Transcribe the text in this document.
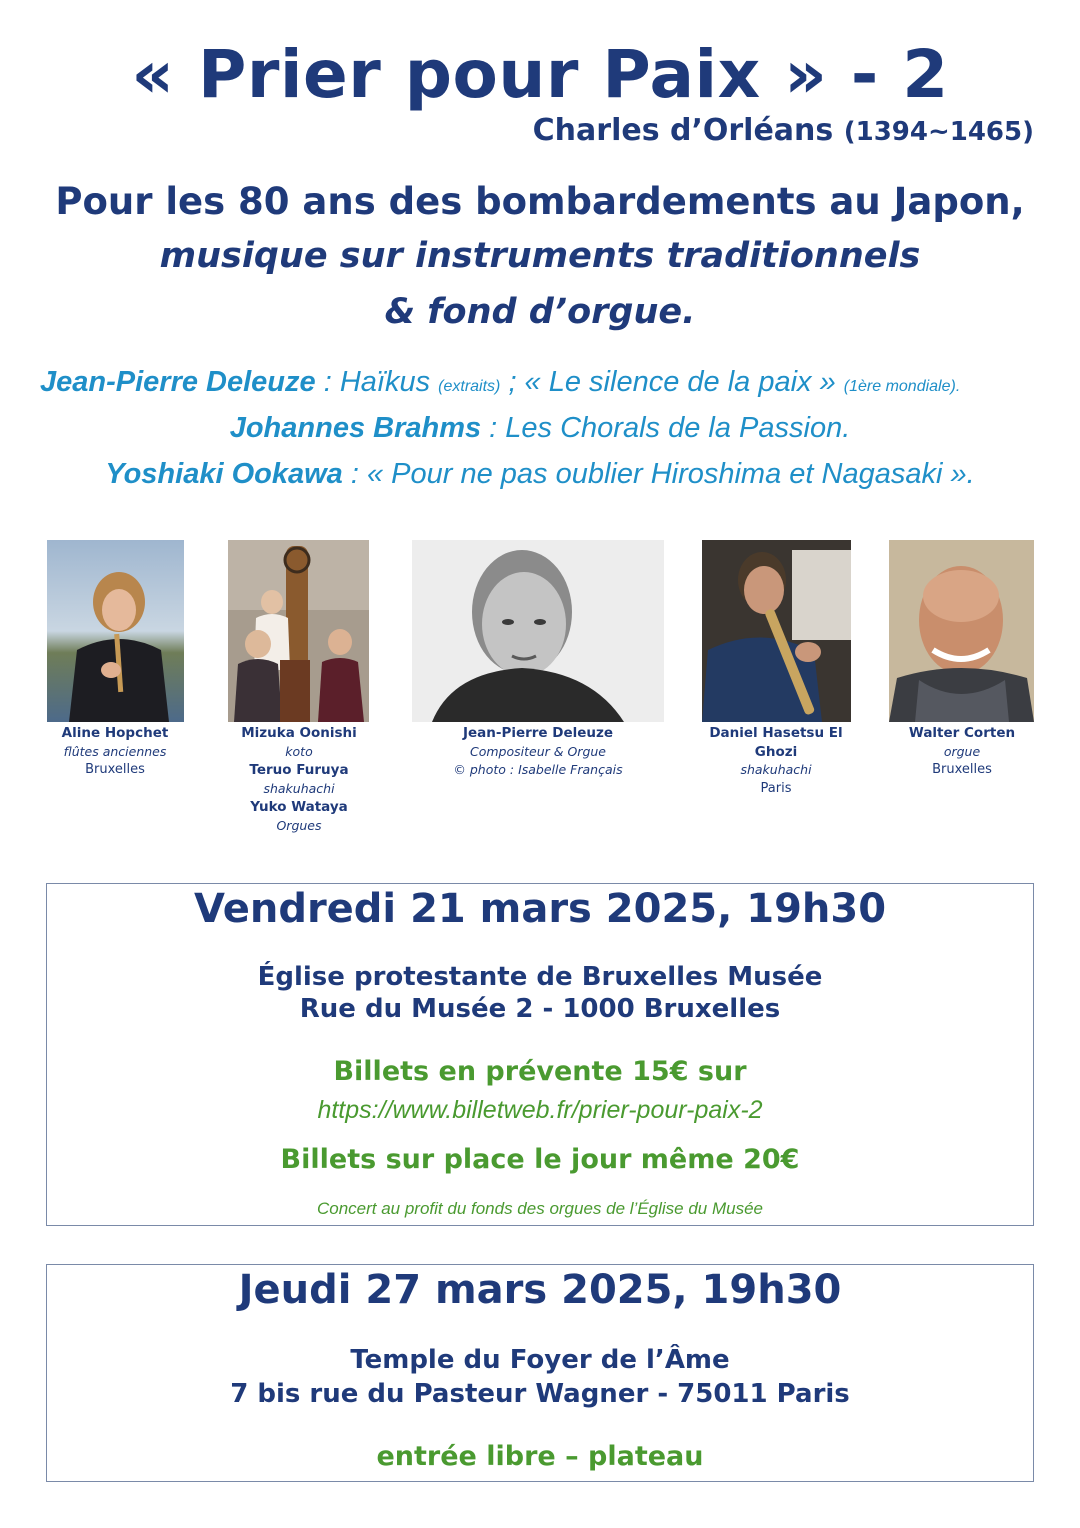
« Prier pour Paix » - 2
Charles d’Orléans (1394~1465)
Pour les 80 ans des bombardements au Japon,
musique sur instruments traditionnels
& fond d’orgue.
Jean-Pierre Deleuze : Haïkus (extraits) ; « Le silence de la paix » (1ère mondiale).
Johannes Brahms : Les Chorals de la Passion.
Yoshiaki Ookawa : « Pour ne pas oublier Hiroshima et Nagasaki ».
Aline Hopchet
flûtes anciennes
Bruxelles
Mizuka Oonishi
koto
Teruo Furuya
shakuhachi
Yuko Wataya
Orgues
Jean-Pierre Deleuze
Compositeur & Orgue
© photo : Isabelle Français
Daniel Hasetsu El
Ghozi
shakuhachi
Paris
Walter Corten
orgue
Bruxelles
Vendredi 21 mars 2025, 19h30
Église protestante de Bruxelles Musée
Rue du Musée 2 - 1000 Bruxelles
Billets en prévente 15€ sur
https://www.billetweb.fr/prier-pour-paix-2
Billets sur place le jour même 20€
Concert au profit du fonds des orgues de l’Église du Musée
Jeudi 27 mars 2025, 19h30
Temple du Foyer de l’Âme
7 bis rue du Pasteur Wagner - 75011 Paris
entrée libre – plateau
